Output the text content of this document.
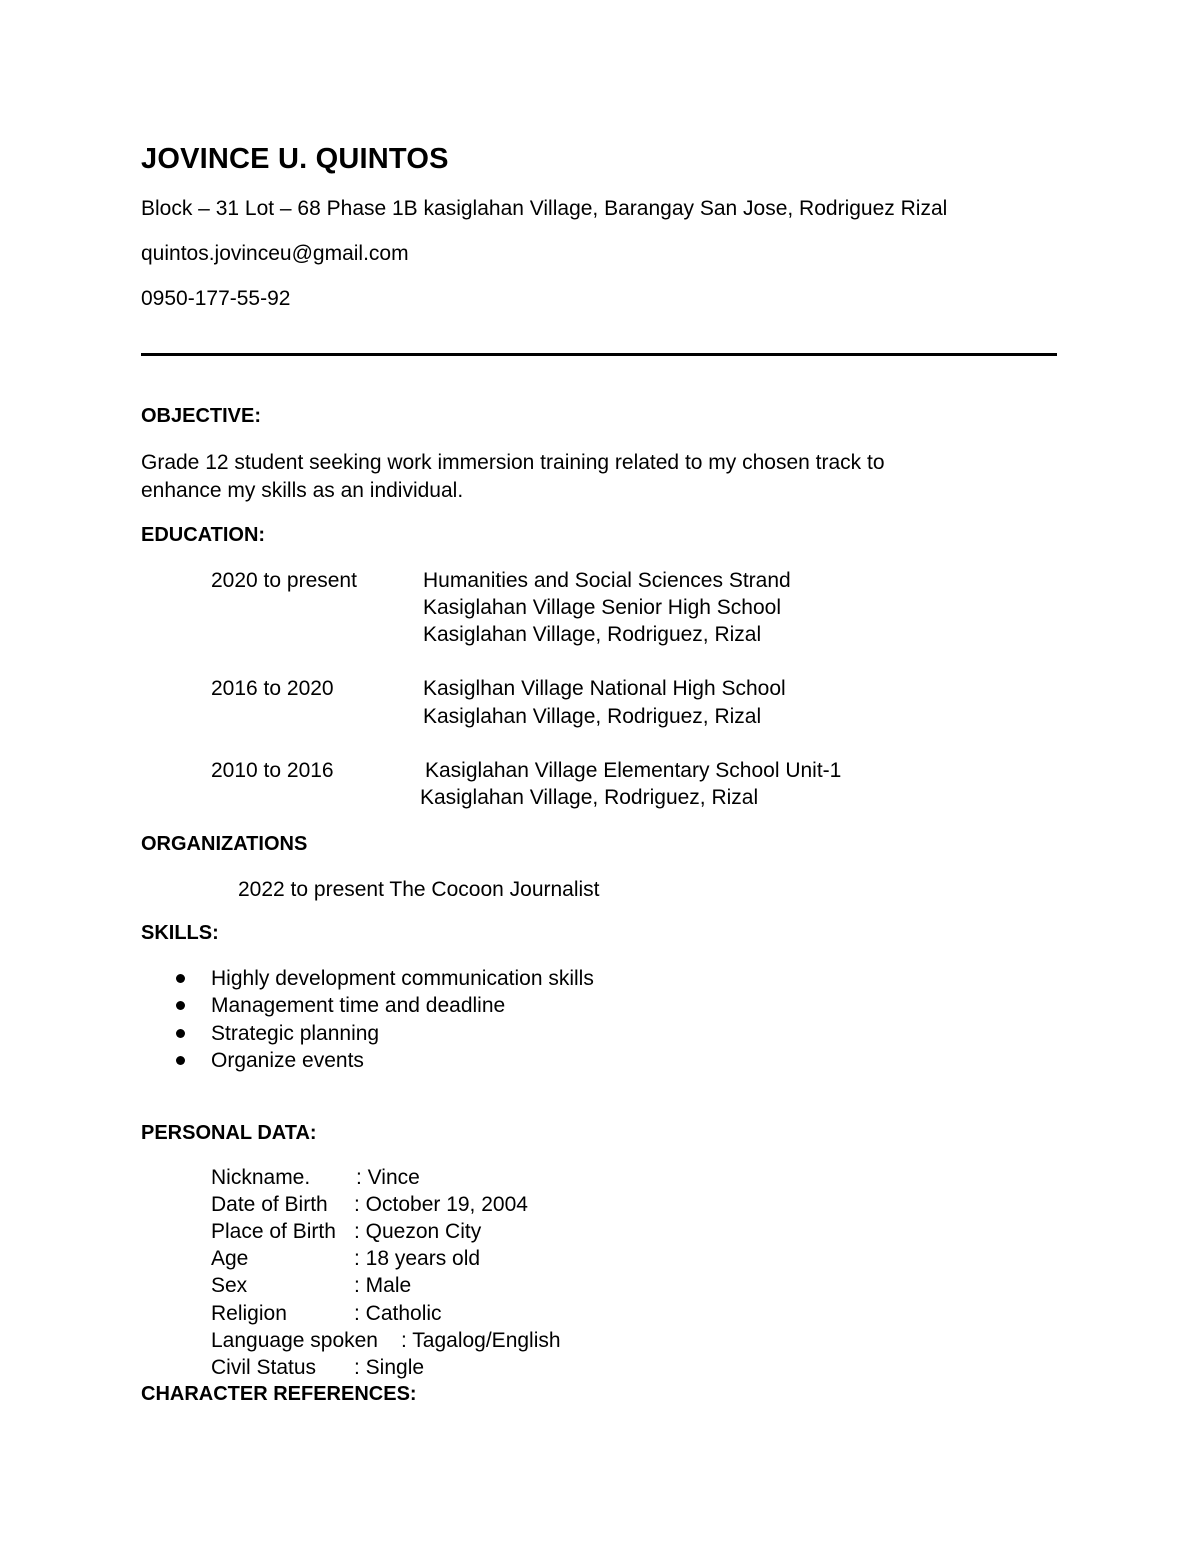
JOVINCE U. QUINTOS
Block – 31 Lot – 68 Phase 1B kasiglahan Village, Barangay San Jose, Rodriguez Rizal
quintos.jovinceu@gmail.com
0950-177-55-92
OBJECTIVE:
Grade 12 student seeking work immersion training related to my chosen track to
enhance my skills as an individual.
EDUCATION:
2020 to present	Humanities and Social Sciences Strand
Kasiglahan Village Senior High School
Kasiglahan Village, Rodriguez, Rizal
2016 to 2020	Kasiglhan Village National High School
Kasiglahan Village, Rodriguez, Rizal
2010 to 2016	Kasiglahan Village Elementary School Unit-1
Kasiglahan Village, Rodriguez, Rizal
ORGANIZATIONS
2022 to present The Cocoon Journalist
SKILLS:
Highly development communication skills
Management time and deadline
Strategic planning
Organize events
PERSONAL DATA:
Nickname. : Vince
Date of Birth : October 19, 2004
Place of Birth : Quezon City
Age	: 18 years old
Sex	: Male
Religion	: Catholic
Language spoken : Tagalog/English
Civil Status : Single
CHARACTER REFERENCES:
